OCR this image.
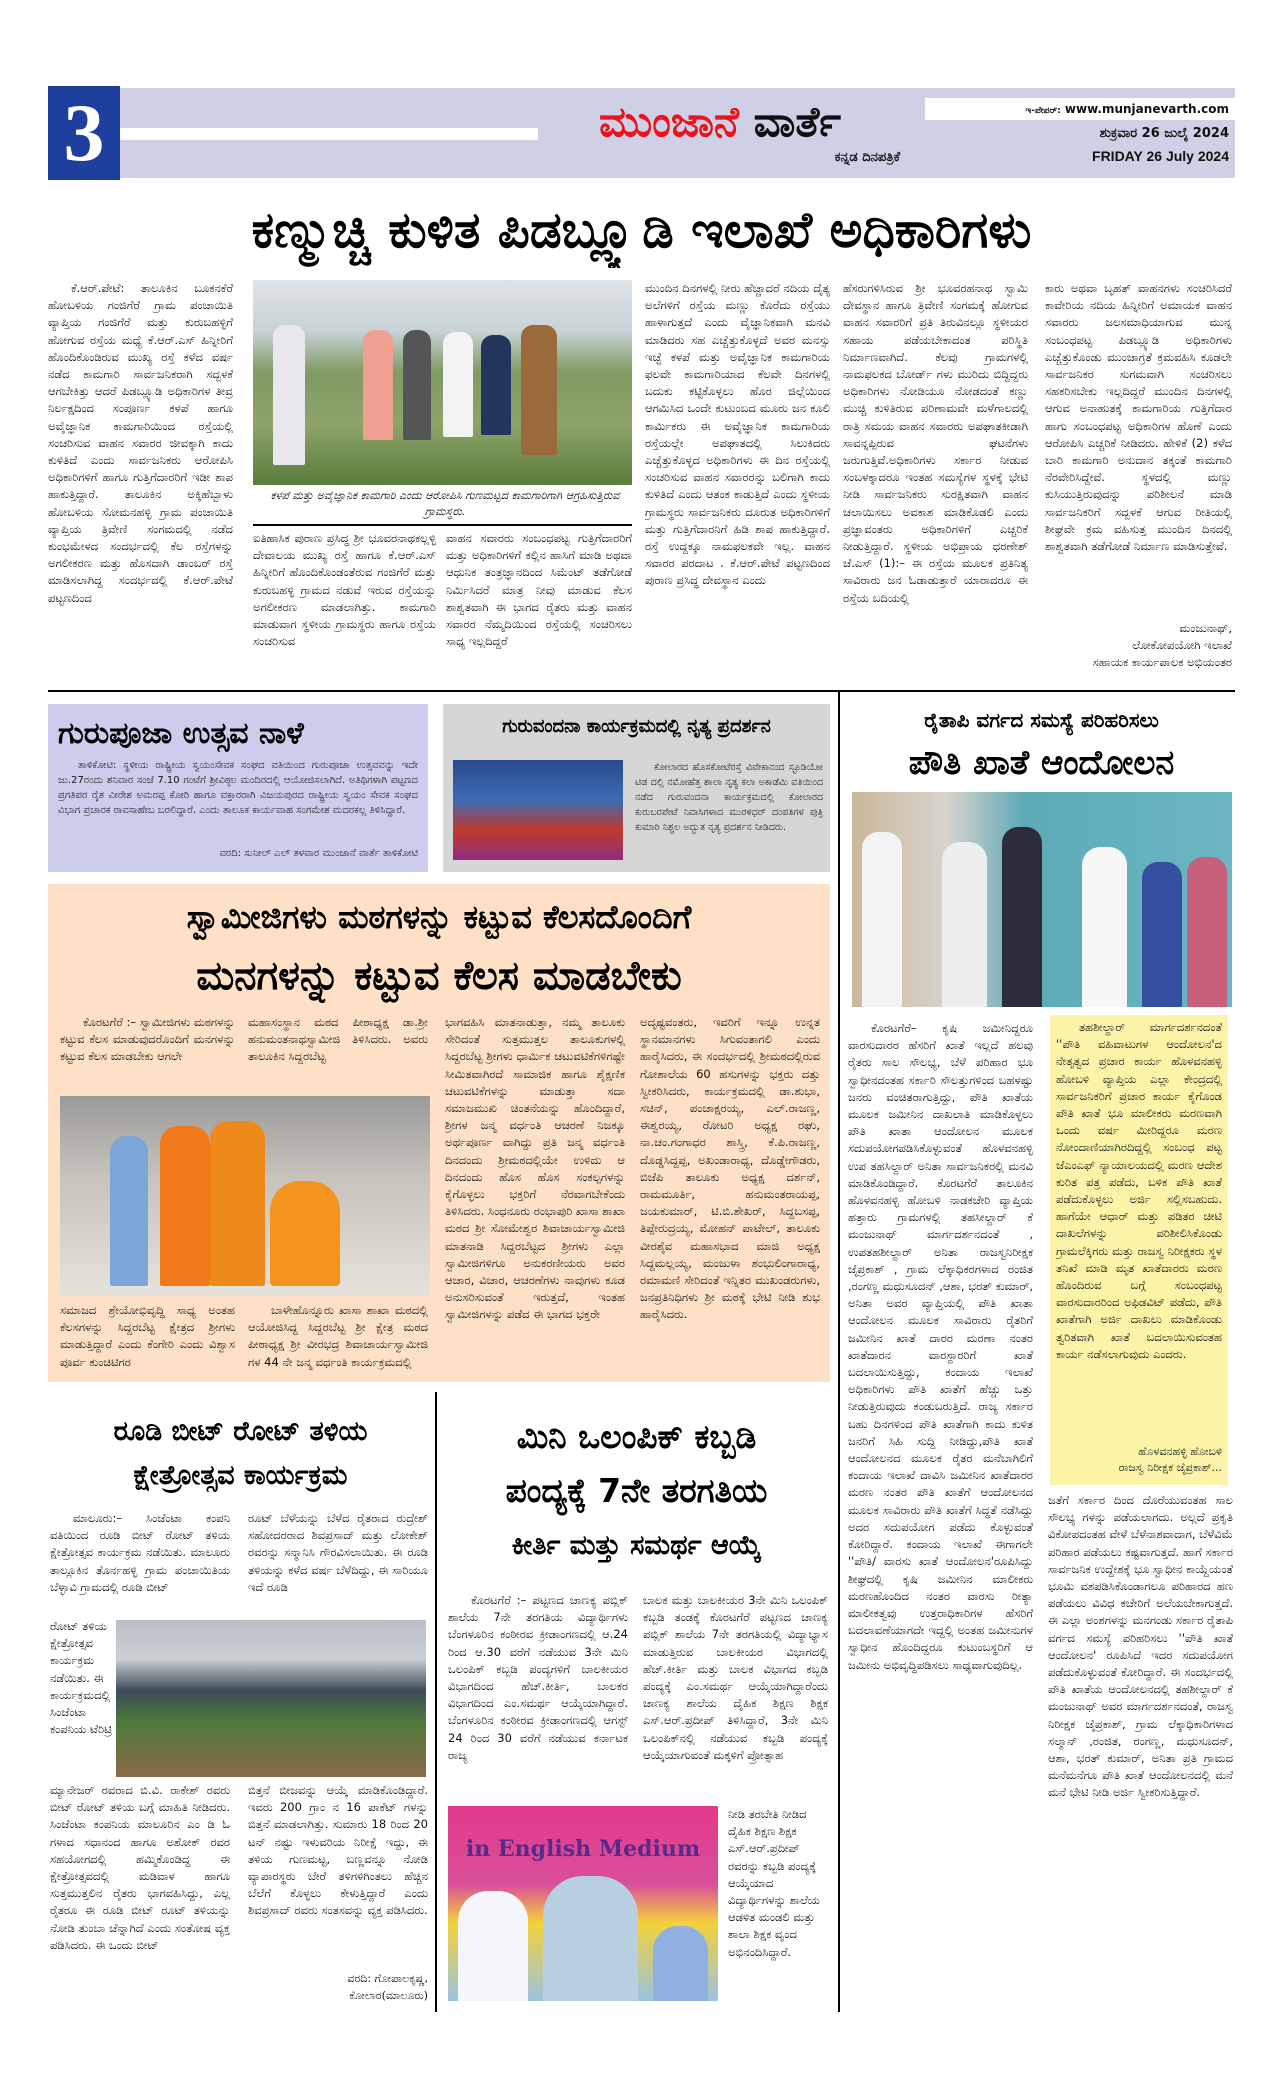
3	ಮುಂಜಾನೆ ವಾರ್ತೆ
ಕನ್ನಡ ದಿನಪತ್ರಿಕೆ
ಇ-ಪೇಪರ್: www.munjanevarth.com
ಶುಕ್ರವಾರ 26 ಜುಲೈ 2024
FRIDAY 26 July 2024
ಕಣ್ಮುಚ್ಚಿ ಕುಳಿತ ಪಿಡಬ್ಲ್ಯೂಡಿ ಇಲಾಖೆ ಅಧಿಕಾರಿಗಳು

ಕೆ.ಆರ್.ಪೇಟೆ: ತಾಲೂಕಿನ ಬೂಕನಕೆರೆ ಹೋಬಳಿಯ ಗಂಜಿಗೆರೆ ಗ್ರಾಮ ಪಂಚಾಯಿತಿ ವ್ಯಾಪ್ತಿಯ ಗಂಜಿಗೆರೆ ಮತ್ತು ಕುರುಬಹಳ್ಳಿಗೆ ಹೋಗುವ ರಸ್ತೆಯ ಮಧ್ಯೆ ಕೆ.ಆರ್.ಎಸ್ ಹಿನ್ನೀರಿಗೆ ಹೊಂದಿಕೊಂಡಿರುವ ಮುಖ್ಯ ರಸ್ತೆ ಕಳೆದ ವರ್ಷ ನಡೆದ ಕಾಮಗಾರಿ ಸಾರ್ವಜನಿಕರಾಗಿ ಸದ್ಬಳಕೆ ಆಗಬೇಕಿತ್ತು ಆದರೆ ಪಿಡಬ್ಲ್ಯೂಡಿ ಅಧಿಕಾರಿಗಳ ತೀವ್ರ ನಿರ್ಲಕ್ಷದಿಂದ ಸಂಪೂರ್ಣ ಕಳಪೆ ಹಾಗೂ ಅವೈಜ್ಞಾನಿಕ ಕಾಮಗಾರಿಯಿಂದ ರಸ್ತೆಯಲ್ಲಿ ಸಂಚರಿಸುವ ವಾಹನ ಸವಾರರ ಜೀವಕ್ಕಾಗಿ ಕಾದು ಕುಳಿತಿದೆ ಎಂದು ಸಾರ್ವಜನಿಕರು ಆರೋಪಿಸಿ ಅಧಿಕಾರಿಗಳಿಗೆ ಹಾಗೂ ಗುತ್ತಿಗೆದಾರರಿಗೆ ಇಡೀ ಶಾಪ ಹಾಕುತ್ತಿದ್ದಾರೆ. ತಾಲೂಕಿನ ಅಕ್ಕಿಹೆಬ್ಬಾಳು ಹೋಬಳಿಯ ಸೋಮನಹಳ್ಳಿ ಗ್ರಾಮ ಪಂಚಾಯಿತಿ ವ್ಯಾಪ್ತಿಯ ತ್ರಿವೇಣಿ ಸಂಗಮದಲ್ಲಿ ನಡೆದ ಕುಂಭಮೇಳದ ಸಂದರ್ಭದಲ್ಲಿ ಕೆಲ ರಸ್ತೆಗಳನ್ನು ಅಗಲೀಕರಣ ಮತ್ತು ಹೊಸದಾಗಿ ಡಾಂಬರ್ ರಸ್ತೆ ಮಾಡಿಸಲಾಗಿದ್ದ ಸಂದರ್ಭದಲ್ಲಿ ಕೆ.ಆರ್.ಪೇಟೆ ಪಟ್ಟಣದಿಂದ

ಕಳಪೆ ಮತ್ತು ಅವೈಜ್ಞಾನಿಕ ಕಾಮಗಾರಿ ಎಂದು ಆರೋಪಿಸಿ ಗುಣಮಟ್ಟದ ಕಾಮಗಾರಿಗಾಗಿ ಆಗ್ರಹಿಸುತ್ತಿರುವ ಗ್ರಾಮಸ್ಥರು.

ಐತಿಹಾಸಿಕ ಪುರಾಣ ಪ್ರಸಿದ್ಧ ಶ್ರೀ ಭೂವರನಾಥಕಲ್ಲಳ್ಳಿ ದೇವಾಲಯ ಮುಖ್ಯ ರಸ್ತೆ ಹಾಗೂ ಕೆ.ಆರ್.ಎಸ್ ಹಿನ್ನೀರಿಗೆ ಹೊಂದಿಕೊಂಡಂತೆರುವ ಗಂಜಿಗೆರೆ ಮತ್ತು ಕುರುಬಹಳ್ಳಿ ಗ್ರಾಮದ ನಡುವೆ ಇರುವ ರಸ್ತೆಯನ್ನು ಅಗಲೀಕರಣ ಮಾಡಲಾಗಿತ್ತು. ಕಾಮಗಾರಿ ಮಾಡುವಾಗ ಸ್ಥಳೀಯ ಗ್ರಾಮಸ್ಥರು ಹಾಗೂ ರಸ್ತೆಯ ಸಂಚರಿಸುವ

ವಾಹನ ಸವಾರರು ಸಂಬಂಧಪಟ್ಟ ಗುತ್ತಿಗೆದಾರರಿಗೆ ಮತ್ತು ಅಧಿಕಾರಿಗಳಿಗೆ ಕಲ್ಲಿನ ಹಾಸಿಗೆ ಮಾಡಿ ಅಥವಾ ಆಧುನಿಕ ತಂತ್ರಜ್ಞಾನದಿಂದ ಸಿಮೆಂಟ್ ತಡೆಗೋಡೆ ನಿರ್ಮಿಸಿದರೆ ಮಾತ್ರ ನೀವು ಮಾಡುವ ಕೆಲಸ ಶಾಶ್ವತವಾಗಿ ಈ ಭಾಗದ ರೈತರು ಮತ್ತು ವಾಹನ ಸವಾರರ ನೆಮ್ಮದಿಯಿಂದ ರಸ್ತೆಯಲ್ಲಿ ಸಂಚರಿಸಲು ಸಾಧ್ಯ ಇಲ್ಲದಿದ್ದರೆ

ಮುಂದಿನ ದಿನಗಳಲ್ಲಿ ನೀರು ಹೆಚ್ಚಾದರೆ ನದಿಯ ದೈತ್ಯ ಅಲೆಗಳಿಗೆ ರಸ್ತೆಯ ಮಣ್ಣು ಕೊರೆದು ರಸ್ತೆಯು ಹಾಳಾಗುತ್ತದೆ ಎಂದು ವೈಜ್ಞಾನಿಕವಾಗಿ ಮನವಿ ಮಾಡಿದರು ಸಹ ಎಚ್ಚೆತ್ತುಕೊಳ್ಳದೆ ಅವರ ಮನಸ್ಸು ಇಚ್ಛೆ ಕಳಪೆ ಮತ್ತು ಅವೈಜ್ಞಾನಿಕ ಕಾಮಗಾರಿಯ ಫಲವೇ ಕಾಮಗಾರಿಯಾದ ಕೆಲವೇ ದಿನಗಳಲ್ಲಿ ಬದುಕು ಕಟ್ಟಿಕೊಳ್ಳಲು ಹೊರ ಜಿಲ್ಲೆಯಿಂದ ಆಗಮಿಸಿದ ಒಂದೇ ಕುಟುಂಬದ ಮೂರು ಜನ ಕೂಲಿ ಕಾರ್ಮಿಕರು ಈ ಅವೈಜ್ಞಾನಿಕ ಕಾಮಗಾರಿಯ ರಸ್ತೆಯಲ್ಲೇ ಅಪಘಾತದಲ್ಲಿ ಸಿಲುಕಿದರು ಎಚ್ಚೆತ್ತುಕೊಳ್ಳದ ಅಧಿಕಾರಿಗಳು ಈ ದಿನ ರಸ್ತೆಯಲ್ಲಿ ಸಂಚರಿಸುವ ವಾಹನ ಸವಾರರನ್ನು ಬಲಿಗಾಗಿ ಕಾದು ಕುಳಿತಿದೆ ಎಂದು ಆತಂಕ ಕಾಡುತ್ತಿದೆ ಎಂದು ಸ್ಥಳೀಯ ಗ್ರಾಮಸ್ಥರು ಸಾರ್ವಜನಿಕರು ದೂರುತ ಅಧಿಕಾರಿಗಳಿಗೆ ಮತ್ತು ಗುತ್ತಿಗೆದಾರನಿಗೆ ಹಿಡಿ ಶಾಪ ಹಾಕುತ್ತಿದ್ದಾರೆ. ರಸ್ತೆ ಉದ್ದಕ್ಕೂ ನಾಮಫಲಕವೇ ಇಲ್ಲ. ವಾಹನ ಸವಾರರ ಪರದಾಟ . ಕೆ.ಆರ್.ಪೇಟೆ ಪಟ್ಟಣದಿಂದ ಪುರಾಣ ಪ್ರಸಿದ್ಧ ದೇವಸ್ಥಾನ ಎಂದು

ಹೆಸರುಗಳಿಸಿರುವ ಶ್ರೀ ಭೂವರಹನಾಥ ಸ್ವಾಮಿ ದೇವಸ್ಥಾನ ಹಾಗೂ ತ್ರಿವೇಣಿ ಸಂಗಮಕ್ಕೆ ಹೋಗುವ ವಾಹನ ಸವಾರರಿಗೆ ಪ್ರತಿ ತಿರುವಿನಲ್ಲೂ ಸ್ಥಳೀಯರ ಸಹಾಯ ಪಡೆಯಬೇಕಾದಂತ ಪರಿಸ್ಥಿತಿ ನಿರ್ಮಾಣವಾಗಿದೆ. ಕೆಲವು ಗ್ರಾಮಗಳಲ್ಲಿ ನಾಮಫಲಕದ ಬೋರ್ಡ್ ಗಳು ಮುರಿದು ಬಿದ್ದಿದ್ದರು ಅಧಿಕಾರಿಗಳು ನೋಡಿಯೂ ನೋಡದಂತೆ ಕಣ್ಣು ಮುಚ್ಚಿ ಕುಳಿತಿರುವ ಪರಿಣಾಮವೇ ಮಳೆಗಾಲದಲ್ಲಿ ರಾತ್ರಿ ಸಮಯ ವಾಹನ ಸವಾರರು ಅಪಘಾತಕೀಡಾಗಿ ಸಾವನ್ನಪ್ಪಿರುವ ಘಟನೆಗಳು ಜರುಗುತ್ತಿವೆ.ಅಧಿಕಾರಿಗಳು ಸರ್ಕಾರ ನೀಡುವ ಸಂಬಳಕ್ಕಾದರೂ ಇಂತಹ ಸಮಸ್ಯೆಗಳ ಸ್ಥಳಕ್ಕೆ ಭೇಟಿ ನೀಡಿ ಸಾರ್ವಜನಿಕರು ಸುರಕ್ಷಿತವಾಗಿ ವಾಹನ ಚಲಾಯಿಸಲು ಅವಕಾಶ ಮಾಡಿಕೊಡಲಿ ಎಂದು ಪ್ರಜ್ಞಾವಂತರು ಅಧಿಕಾರಿಗಳಿಗೆ ಎಚ್ಚರಿಕೆ ನೀಡುತ್ತಿದ್ದಾರೆ. ಸ್ಥಳೀಯ ಅಭಿಪ್ರಾಯ ಧರಣೇಶ್ ಜೆ.ಎಸ್ (1):– ಈ ರಸ್ತೆಯ ಮೂಲಕ ಪ್ರತಿನಿತ್ಯ ಸಾವಿರಾರು ಜನ ಓಡಾಡುತ್ತಾರೆ ಯಾರಾದರೂ ಈ ರಸ್ತೆಯ ಬದಿಯಲ್ಲಿ

ಕಾರು ಅಥವಾ ಬೃಹತ್ ವಾಹನಗಳು ಸಂಚರಿಸಿದರೆ ಕಾವೇರಿಯ ನದಿಯ ಹಿನ್ನೀರಿಗೆ ಅಮಾಯಕ ವಾಹನ ಸವಾರರು ಜಲಸಮಾಧಿಯಾಗುವ ಮುನ್ನ ಸಂಬಂಧಪಟ್ಟ ಪಿಡಬ್ಲ್ಯೂಡಿ ಅಧಿಕಾರಿಗಳು ಎಚ್ಚೆತ್ತುಕೊಂಡು ಮುಂಜಾಗ್ರತೆ ಕ್ರಮವಹಿಸಿ ಕೂಡಲೇ ಸಾರ್ವಜನಿಕರ ಸುಗಮವಾಗಿ ಸಂಚರಿಸಲು ಸಹಕರಿಸಬೇಕು ಇಲ್ಲದಿದ್ದರೆ ಮುಂದಿನ ದಿನಗಳಲ್ಲಿ ಆಗುವ ಅನಾಹುತಕ್ಕೆ ಕಾಮಗಾರಿಯ ಗುತ್ತಿಗೆದಾರ ಹಾಗು ಸಂಬಂಧಪಟ್ಟ ಅಧಿಕಾರಿಗಳ ಹೊಣೆ ಎಂದು ಆರೋಪಿಸಿ ಎಚ್ಚರಿಕೆ ನೀಡಿದರು. ಹೇಳಿಕೆ (2) ಕಳೆದ ಬಾರಿ ಕಾಮಗಾರಿ ಅನುದಾನ ತಕ್ಕಂತೆ ಕಾಮಗಾರಿ ನೆರವೇರಿಸಿದ್ದೇವೆ. ಸ್ಥಳದಲ್ಲಿ ಮಣ್ಣು ಕುಸಿಯುತ್ತಿರುವುದನ್ನು ಪರಿಶೀಲನೆ ಮಾಡಿ ಸಾರ್ವಜನಿಕರಿಗೆ ಸದ್ಬಳಕೆ ಆಗುವ ರೀತಿಯಲ್ಲಿ ಶೀಘ್ರವೇ ಕ್ರಮ ವಹಿಸುತ್ತ ಮುಂದಿನ ದಿನದಲ್ಲಿ ಶಾಶ್ವತವಾಗಿ ತಡೆಗೋಡೆ ನಿರ್ಮಾಣ ಮಾಡಿಸುತ್ತೇವೆ.

ಮಂಜುನಾಥ್,
ಲೋಕೋಪಯೋಗಿ ಇಲಾಖೆ
ಸಹಾಯಕ ಕಾರ್ಯಪಾಲಕ ಅಭಿಯಂತರ
ಗುರುಪೂಜಾ ಉತ್ಸವ ನಾಳೆ

ತಾಳಿಕೋಟಿ: ಸ್ಥಳೀಯ ರಾಷ್ಟ್ರೀಯ ಸ್ವಯಂಸೇವಕ ಸಂಘದ ವತಿಯಿಂದ ಗುರುಪೂಜಾ ಉತ್ಸವವನ್ನು ಇದೇ ಜು.27ರಂದು ಶನಿವಾರ ಸಂಜೆ 7.10 ಗಂಟೆಗೆ ಶ್ರೀವಿಠ್ಠಲ ಮಂದಿರದಲ್ಲಿ ಆಯೋಜಿಸಲಾಗಿದೆ. ಅತಿಥಿಗಳಾಗಿ ಪಟ್ಟಣದ ಪ್ರಗತಿಪರ ರೈತ ವೀರೇಶ ಅಮರಪ್ಪ ಕೋರಿ ಹಾಗೂ ವಕ್ತಾರರಾಗಿ ವಿಜಯಪುರದ ರಾಷ್ಟ್ರೀಯ ಸ್ವಯಂ ಸೇವಕ ಸಂಘದ ವಿಭಾಗ ಪ್ರಚಾರಕ ರಾವಸಾಹೇಬ ಬರಲಿದ್ದಾರೆ. ಎಂದು ತಾಲೂಕ ಕಾರ್ಯವಾಹ ಸಂಗಮೇಶ ಮದರಕಲ್ಲ ತಿಳಿಸಿದ್ದಾರೆ.

ವರದಿ: ಸುನೀಲ್ ಎಲ್ ತಳವಾರ ಮುಂಜಾನೆ ವಾರ್ತೆ ತಾಳಿಕೋಟಿ
ಗುರುವಂದನಾ ಕಾರ್ಯಕ್ರಮದಲ್ಲಿ ನೃತ್ಯ ಪ್ರದರ್ಶನ

ಕೋಲಾರದ ಹೊಸಕೋಟೆರಸ್ತೆ ವಿವೇಕಾನಂದ ಸ್ಟೂಡಿಯೋ ಟಿಡ ದಲ್ಲಿ ನಮೋಹೆತ್ತ ಶಾಲಾ ನೃತ್ಯ ಕಲಾ ಅಕಾಡೆಮಿ ವತಿಯಿಂದ ನಡೆದ ಗುರುವಂದನಾ ಕಾರ್ಯಕ್ರಮದಲ್ಲಿ ಕೋಲಾರದ ಕುರುಬರಪೇಟೆ ನಿವಾಸಿಗಳಾದ ಮುರಳಿಧರ್ ದಂಪತಿಗಳ ಪುತ್ರಿ ಕುಮಾರಿ ನಿಶ್ಚಲ ಅದ್ಭುತ ನೃತ್ಯ ಪ್ರದರ್ಶನ ನೀಡಿದರು.

ಸ್ವಾಮೀಜಿಗಳು ಮಠಗಳನ್ನು ಕಟ್ಟುವ ಕೆಲಸದೊಂದಿಗೆ
ಮನಗಳನ್ನು ಕಟ್ಟುವ ಕೆಲಸ ಮಾಡಬೇಕು

ಕೊರಟಗೆರೆ :– ಸ್ವಾಮೀಜಿಗಳು ಮಠಗಳನ್ನು ಕಟ್ಟುವ ಕೆಲಸ ಮಾಡುವುದರೊಂದಿಗೆ ಮನಗಳನ್ನು ಕಟ್ಟುವ ಕೆಲಸ ಮಾಡಬೇಕು ಆಗಲೇ

ಮಹಾಸಂಸ್ಥಾನ ಮಠದ ಪೀಠಾಧ್ಯಕ್ಷ ಡಾ.ಶ್ರೀ ಹನುಮಂತನಾಥಸ್ವಾಮೀಜಿ ತಿಳಿಸಿದರು. ಅವರು ತಾಲೂಕಿನ ಸಿದ್ದರಬೆಟ್ಟ

ಸಮಾಜದ ಶ್ರೇಯೋಭಿವೃದ್ಧಿ ಸಾಧ್ಯ ಅಂತಹ ಕೆಲಸಗಳನ್ನು ಸಿದ್ದರಬೆಟ್ಟ ಕ್ಷೇತ್ರದ ಶ್ರೀಗಳು ಮಾಡುತ್ತಿದ್ದಾರೆ ಎಂದು ಕೆಂಗೇರಿ ಎಂದು ವಿಶ್ವಾಸ ಪೂರ್ವ ಕುಂಚಿಟಿಗರ

ಬಾಳೇಹೊನ್ನೂರು ಖಾಸಾ ಶಾಖಾ ಮಠದಲ್ಲಿ ಆಯೋಜಿಸಿದ್ದ ಸಿದ್ದರಬೆಟ್ಟ ಶ್ರೀ ಕ್ಷೇತ್ರ ಮಠದ ಪೀಠಾಧ್ಯಕ್ಷ ಶ್ರೀ ವೀರಭದ್ರ ಶಿವಾಚಾರ್ಯಸ್ವಾಮೀಜಿ ಗಳ 44 ನೇ ಜನ್ಮ ವರ್ಧಂತಿ ಕಾರ್ಯಕ್ರಮದಲ್ಲಿ

ಭಾಗವಹಿಸಿ ಮಾತನಾಡುತ್ತಾ, ನಮ್ಮ ತಾಲೂಕು ಸೇರಿದಂತೆ ಸುತ್ತಮುತ್ತಲ ತಾಲೂಕುಗಳಲ್ಲಿ ಸಿದ್ದರಬೆಟ್ಟ ಶ್ರೀಗಳು ಧಾರ್ಮಿಕ ಚಟುವಟಿಕೆಗಳಿಗಷ್ಟೇ ಸೀಮಿತವಾಗಿರದೆ ಸಾಮಾಜಿಕ ಹಾಗೂ ಶೈಕ್ಷಣಿಕ ಚಟುವಟಿಕೆಗಳನ್ನು ಮಾಡುತ್ತಾ ಸದಾ ಸಮಾಜಮುಖಿ ಚಿಂತನೆಯನ್ನು ಹೊಂದಿದ್ದಾರೆ, ಶ್ರೀಗಳ ಜನ್ಮ ವರ್ಧಂತಿ ಆಚರಣೆ ನಿಜಕ್ಕೂ ಅರ್ಥಪೂರ್ಣ ವಾಗಿದ್ದು ಪ್ರತಿ ಜನ್ಮ ವರ್ಧಂತಿ ದಿನದಂದು ಶ್ರೀಮಠದಲ್ಲಿಯೇ ಉಳಿದು ಆ ದಿನದಂದು ಹೊಸ ಹೊಸ ಸಂಕಲ್ಪಗಳನ್ನು ಕೈಗೊಳ್ಳಲು ಭಕ್ತರಿಗೆ ನೆರವಾಗಬೇಕೆಂದು ತಿಳಿಸಿದರು. ಸಿಂಧನೂರು ರಂಭಾಪುರಿ ಖಾಸಾ ಶಾಖಾ ಮಠದ ಶ್ರೀ ಸೋಮೇಶ್ವರ ಶಿವಾಚಾರ್ಯಸ್ವಾಮೀಜಿ ಮಾತನಾಡಿ ಸಿದ್ದರಬೆಟ್ಟದ ಶ್ರೀಗಳು ಎಲ್ಲಾ ಸ್ವಾಮೀಜಿಗಳಿಗೂ ಅನುಕರಣೀಯರು ಅವರ ಆಚಾರ, ವಿಚಾರ, ಆಚರಣೆಗಳು ನಾವುಗಳು ಕೂಡ ಅನುಸರಿಸುವಂತೆ ಇರುತ್ತದೆ, ಇಂತಹ ಸ್ವಾಮೀಜಿಗಳನ್ನು ಪಡೆದ ಈ ಭಾಗದ ಭಕ್ತರೇ

ಅದೃಷ್ಟವಂತರು, ಇವರಿಗೆ ಇನ್ನೂ ಉನ್ನತ ಸ್ಥಾನಮಾನಗಳು ಸಿಗುವಂತಾಗಲಿ ಎಂದು ಹಾರೈಸಿದರು, ಈ ಸಂದರ್ಭದಲ್ಲಿ ಶ್ರೀಮಠದಲ್ಲಿರುವ ಗೋಶಾಲೆಯ 60 ಹಸುಗಳನ್ನು ಭಕ್ತರು ದತ್ತು ಸ್ವೀಕರಿಸಿದರು, ಕಾರ್ಯಕ್ರಮದಲ್ಲಿ ಡಾ.ಶುಭಾ, ಸಚಿನ್, ಪಂಚಾಕ್ಷರಯ್ಯ, ಎಲ್.ರಾಜಣ್ಣ, ಈಶ್ವರಯ್ಯ, ರೋಟರಿ ಅಧ್ಯಕ್ಷ ರಘು, ನಾ.ಚಂ.ಗಂಗಾಧರ ಶಾಸ್ತ್ರಿ, ಕೆ.ಪಿ.ರಾಜಣ್ಣ, ದೊಡ್ಡಸಿದ್ದಪ್ಪ, ಅಖಂಡಾರಾಧ್ಯ, ದೊಡ್ಡೇಗೌಡರು, ಬಿಜೆಪಿ ತಾಲೂಕು ಅಧ್ಯಕ್ಷ ದರ್ಶನ್, ರಾಮಮೂರ್ತಿ, ಹನುಮಂತರಾಯಪ್ಪ, ಜಯಕುಮಾರ್, ಟಿ.ಬಿ.ಶೇಖರ್, ಸಿದ್ದಬಸಪ್ಪ, ತಿಪ್ಪೇರುದ್ರಯ್ಯ, ಮೋಹನ್ ಪಾಟೇಲ್, ತಾಲೂಕು ವೀರಶೈವ ಮಹಾಸಭಾದ ಮಾಜಿ ಅಧ್ಯಕ್ಷ ಸಿದ್ದಮಲ್ಲಯ್ಯ, ಮಂಜುಳಾ ಶಂಭುಲಿಂಗಾರಾಧ್ಯ, ರಮಾಮಣಿ ಸೇರಿದಂತೆ ಇನ್ನಿತರ ಮುಖಂಡರುಗಳು, ಜನಪ್ರತಿನಿಧಿಗಳು ಶ್ರೀ ಮಠಕ್ಕೆ ಭೇಟಿ ನೀಡಿ ಶುಭ ಹಾರೈಸಿದರು.

ರೈತಾಪಿ ವರ್ಗದ ಸಮಸ್ಯೆ ಪರಿಹರಿಸಲು
ಪೌತಿ ಖಾತೆ ಆಂದೋಲನ

ಕೊರಟಗೆರೆ– ಕೃಷಿ ಜಮೀನಿದ್ದರೂ ವಾರಸುದಾರರ ಹೆಸರಿಗೆ ಖಾತೆ ಇಲ್ಲದೆ ಹಲವು ರೈತರು ಸಾಲ ಸೌಲಭ್ಯ, ಬೆಳೆ ಪರಿಹಾರ ಭೂ ಸ್ವಾಧೀನದಂತಹ ಸರ್ಕಾರಿ ಸೌಲತ್ತುಗಳಿಂದ ಬಹಳಷ್ಟು ಜನರು ವಂಚಿತರಾಗುತ್ತಿದ್ದು, ಪೌತಿ ಖಾತೆಯ ಮೂಲಕ ಜಮೀನಿನ ದಾಖಲಾತಿ ಮಾಡಿಕೊಳ್ಳಲು ಪೌತಿ ಖಾತಾ ಆಂದೋಲನ ಮೂಲಕ ಸದುಪಯೋಗಪಡಿಸಿಕೊಳ್ಳುವಂತೆ ಹೊಳವನಹಳ್ಳಿ ಉಪ ತಹಸಿಲ್ದಾರ್ ಅನಿತಾ ಸಾರ್ವಜನಿಕರಲ್ಲಿ ಮನವಿ ಮಾಡಿಕೊಂಡಿದ್ದಾರೆ. ಕೊರಟಗೆರೆ ತಾಲೂಕಿನ ಹೊಳವನಹಳ್ಳಿ ಹೋಬಳಿ ನಾಡಕಚೇರಿ ವ್ಯಾಪ್ತಿಯ ಹತ್ತಾರು ಗ್ರಾಮಗಳಲ್ಲಿ ತಹಸೀಲ್ದಾರ್ ಕೆ ಮಂಜುನಾಥ್ ಮಾರ್ಗದರ್ಶನದಂತೆ , ಉಪತಹಶೀಲ್ದಾರ್ ಅನಿತಾ ರಾಜಸ್ವನಿರೀಕ್ಷಕ ಜೈಪ್ರಕಾಶ್ , ಗ್ರಾಮ ಲೆಕ್ಕಾಧಿಕರಗಳಾದ ರಂಜಿತ ,ರಂಗಣ್ಣ ಮಧುಸೂದನ್ ,ಆಶಾ, ಭರತ್ ಕುಮಾರ್, ಅನಿತಾ ಅವರ ವ್ಯಾಪ್ತಿಯಲ್ಲಿ ಪೌತಿ ಖಾತಾ ಆಂದೋಲನ ಮೂಲಕ ಸಾವಿರಾರು ರೈತರಿಗೆ ಜಮೀನಿನ ಖಾತೆ ದಾರರ ಮರಣಾ ನಂತರ ಖಾತೆದಾರನ ವಾರಸ್ದಾರರಿಗೆ ಖಾತೆ ಬದಲಾಯಿಸುತ್ತಿದ್ದು, ಕಂದಾಯ ಇಲಾಖೆ ಅಧಿಕಾರಿಗಳು ಪೌತಿ ಖಾತೆಗೆ ಹೆಚ್ಚು ಒತ್ತು ನೀಡುತ್ತಿರುವುದು ಕಂಡುಬರುತ್ತಿದೆ. ರಾಜ್ಯ ಸರ್ಕಾರ ಬಹು ದಿನಗಳಿಂದ ಪೌತಿ ಖಾತೆಗಾಗಿ ಕಾದು ಕುಳಿತ ಜನರಿಗೆ ಸಿಹಿ ಸುದ್ದಿ ನೀಡಿದ್ದು,ಪೌತಿ ಖಾತೆ ಆಂದೋಲನದ ಮೂಲಕ ರೈತರ ಮನೆಬಾಗಿಲಿಗೆ ಕಂದಾಯ ಇಲಾಖೆ ದಾವಿಸಿ ಜಮೀನಿನ ಖಾತೆದಾರರ ಮರಣ ನಂತರ ಪೌತಿ ಖಾತೆಗೆ ಆಂದೋಲನದ ಮೂಲಕ ಸಾವಿರಾರು ಪೌತಿ ಖಾತೆಗೆ ಸಿದ್ಧತೆ ನಡೆಸಿದ್ದು ಅದರ ಸದುಪಯೋಗ ಪಡೆದು ಕೊಳ್ಳುವಂತೆ ಕೋರಿದ್ದಾರೆ. ಕಂದಾಯ ಇಲಾಖೆ ಈಗಾಗಲೇ ''ಪೌತಿ/ ವಾರಸು ಖಾತೆ ಆಂದೋಲನ'ರೂಪಿಸಿದ್ದು ಶೀಘ್ರದಲ್ಲಿ ಕೃಷಿ ಜಮೀನಿನ ಮಾಲೀಕರು ಮರಣಹೊಂದಿದ ನಂತರ ವಾರಸು ರೀತ್ಯಾ ಮಾಲೀಕತ್ವವು ಉತ್ತರಾಧಿಕಾರಿಗಳ ಹೆಸರಿಗೆ ಬದಲಾವಣೆಯಾಗದೇ ಇದ್ದಲ್ಲಿ ಅಂತಹ ಜಮೀನುಗಳ ಸ್ವಾಧೀನ ಹೊಂದಿದ್ದರೂ ಕುಟುಂಬಸ್ಥರಿಗೆ ಆ ಜಮೀನು ಅಭಿವೃದ್ಧಿಪಡಿಸಲು ಸಾಧ್ಯವಾಗುವುದಿಲ್ಲ.

ತಹಶೀಲ್ದಾರ್ ಮಾರ್ಗದರ್ಶನದಂತೆ ''ಪೌತಿ ವಹಿವಾಟುಗಳ ಆಂದೋಲನ'ದ ನೇತೃತ್ವದ ಪ್ರಚಾರ ಕಾರ್ಯ ಹೊಳವನಹಳ್ಳಿ ಹೋಬಳಿ ವ್ಯಾಪ್ತಿಯ ಎಲ್ಲಾ ಕೇಂದ್ರದಲ್ಲಿ ಸಾರ್ವಜನಿಕರಿಗೆ ಪ್ರಚಾರ ಕಾರ್ಯ ಕೈಗೊಂಡ ಪೌತಿ ಖಾತೆ ಭೂ ಮಾಲೀಕರು ಮರಣವಾಗಿ ಒಂದು ವರ್ಷ ಮೀರಿದ್ದರೂ ಮರಣ ನೋಂದಾಣಿಯಾಗಿರದಿದ್ದಲ್ಲಿ ಸಂಬಂಧ ಪಟ್ಟ ಜೆಎಂಎಫ್ ನ್ಯಾಯಾಲಯದಲ್ಲಿ ಮರಣ ಆದೇಶ ಕುರಿತ ಪತ್ರ ಪಡೆದು, ಬಳಿಕ ಪೌತಿ ಖಾತೆ ಪಡೆದುಕೊಳ್ಳಲು ಅರ್ಜಿ ಸಲ್ಲಿಸಬಹುದು. ಹಾಗೆಯೇ ಆಧಾರ್ ಮತ್ತು ಪಡಿತರ ಚೀಟಿ ದಾಖಲೆಗಳನ್ನು ಪರಿಶೀಲಿಸಿಕೊಂಡು ಗ್ರಾಮಲೆಕ್ಕಿಗರು ಮತ್ತು ರಾಜಸ್ವ ನಿರೀಕ್ಷಕರು ಸ್ಥಳ ತನಿಖೆ ಮಾಡಿ ಮೃತ ಖಾತೆದಾರರು ಮರಣ ಹೊಂದಿರುವ ಬಗ್ಗೆ ಸಂಬಂಧಪಟ್ಟ ವಾರಸುದಾರರಿಂದ ಅಫಿಡವಿಟ್ ಪಡೆದು, ಪೌತಿ ಖಾತೆಗಾಗಿ ಅರ್ಜಿ ದಾಖಲು ಮಾಡಿಕೊಂಡು ತ್ವರಿತವಾಗಿ ಖಾತೆ ಬದಲಾಯಿಸುವಂತಹ ಕಾರ್ಯ ನಡೆಸಲಾಗುವುದು ಎಂದರು.

ಹೊಳವನಹಳ್ಳಿ ಹೋಬಳಿ
ರಾಜಸ್ವ ನಿರೀಕ್ಷಕ ಜೈಪ್ರಕಾಶ್...

ಜತೆಗೆ ಸರ್ಕಾರ ದಿಂದ ದೊರೆಯುವಂತಹ ಸಾಲ ಸೌಲಭ್ಯ ಗಳನ್ನು ಪಡೆಯಲಾಗದು. ಅಲ್ಲದೆ ಪ್ರಕೃತಿ ವಿಕೋಪದಂತಹ ವೇಳೆ ಬೆಳೆನಾಶವಾದಾಗ, ಬೆಳೆವಿಮೆ ಪರಿಹಾರ ಪಡೆಯಲು ಕಷ್ಟವಾಗುತ್ತದೆ. ಹಾಗೆ ಸರ್ಕಾರ ಸಾರ್ವಜನಿಕ ಉದ್ದೇಶಕ್ಕೆ ಭೂ ಸ್ವಾಧೀನ ಕಾಯ್ದೆಯಂತೆ ಭೂಮಿ ವಶಪಡಿಸಿಕೊಂಡಾಗಲೂ ಪರಿಹಾರದ ಹಣ ಪಡೆಯಲು ವಿವಿಧ ಕಚೇರಿಗೆ ಅಲೆಯಬೇಕಾಗುತ್ತದೆ. ಈ ಎಲ್ಲಾ ಅಂಶಗಳನ್ನು ಮನಗಂಡು ಸರ್ಕಾರ ರೈತಾಪಿ ವರ್ಗದ ಸಮಸ್ಯೆ ಪರಿಹರಿಸಲು ''ಪೌತಿ ಖಾತೆ ಆಂದೋಲನ' ರೂಪಿಸಿದೆ ಇದರ ಸದುಪಯೋಗ ಪಡೆದುಕೊಳ್ಳುವಂತೆ ಕೋರಿದ್ದಾರೆ. ಈ ಸಂದರ್ಭದಲ್ಲಿ ಪೌತಿ ಖಾತೆಯ ಆಂದೋಲನದಲ್ಲಿ ತಹಶೀಲ್ದಾರ್ ಕೆ ಮಂಜುನಾಥ್ ಅವರ ಮಾರ್ಗದರ್ಶನದಂತೆ, ರಾಜಸ್ವ ನಿರೀಕ್ಷಕ ಜೈಪ್ರಕಾಶ್, ಗ್ರಾಮ ಲೆಕ್ಕಾಧಿಕಾರಿಗಳಾದ ಸಲ್ಮಾನ್ ,ರಂಜಿತ, ರಂಗಣ್ಣ, ಮಧುಸೂದನ್, ಆಶಾ, ಭರತ್ ಕುಮಾರ್, ಅನಿತಾ ಪ್ರತಿ ಗ್ರಾಮದ ಮನೆಮನೆಗೂ ಪೌತಿ ಖಾತೆ ಆಂದೋಲನದಲ್ಲಿ ಮನೆ ಮನೆ ಭೇಟಿ ನೀಡಿ ಅರ್ಜಿ ಸ್ವೀಕರಿಸುತ್ತಿದ್ದಾರೆ.

ರೂಡಿ ಬೀಟ್ ರೋಟ್ ತಳಿಯ
ಕ್ಷೇತ್ರೋತ್ಸವ ಕಾರ್ಯಕ್ರಮ

ಮಾಲೂರು:– ಸಿಂಜೆಂಟಾ ಕಂಪನಿ ವತಿಯಿಂದ ರೂಡಿ ಬೀಟ್ ರೋಟ್ ತಳಿಯ ಕ್ಷೇತ್ರೋತ್ಸವ ಕಾರ್ಯಕ್ರಮ ನಡೆಯಿತು. ಮಾಲೂರು ತಾಲ್ಲೂಕಿನ ತೊರ್ನಹಳ್ಳಿ ಗ್ರಾಮ ಪಂಚಾಯಿತಿಯ ಬೆಳ್ಳಾವಿ ಗ್ರಾಮದಲ್ಲಿ ರೂಡಿ ಬೀಟ್

ರೋಟ್ ತಳಿಯ ಕ್ಷೇತ್ರೋತ್ಸವ ಕಾರ್ಯಕ್ರಮ ನಡೆಯಿತು. ಈ ಕಾರ್ಯಕ್ರಮದಲ್ಲಿ ಸಿಂಜೆಂಟಾ ಕಂಪನಿಯ ಟೆರಿಟ್ರಿ

ಮ್ಯಾನೇಜರ್ ರವರಾದ ಬಿ.ವಿ. ರಾಕೇಶ್ ರವರು ಬೀಟ್ ರೋಟ್ ತಳಿಯ ಬಗ್ಗೆ ಮಾಹಿತಿ ನೀಡಿದರು. ಸಿಂಜೆಂಟಾ ಕಂಪನಿಯ ಮಾಲೂರಿನ ಎಂ ಡಿ ಓ ಗಳಾದ ಸಧಾನಂದ ಹಾಗೂ ಅಶೋಕ್ ರವರ ಸಹಯೋಗದಲ್ಲಿ ಹಮ್ಮಿಕೊಂಡಿದ್ದ ಈ ಕ್ಷೇತ್ರೋತ್ಸವದಲ್ಲಿ ಮಡಿವಾಳ ಹಾಗೂ ಸುತ್ತಮುತ್ತಲಿನ ರೈತರು ಭಾಗವಹಿಸಿದ್ದು, ಎಲ್ಲ ರೈತರೂ ಈ ರೂಡಿ ಬೀಟ್ ರೂಟ್ ತಳಿಯನ್ನು ನೋಡಿ ತುಂಬಾ ಚೆನ್ನಾಗಿದೆ ಎಂದು ಸಂತೋಷ ವ್ಯಕ್ತ ಪಡಿಸಿದರು. ಈ ಒಂದು ಬೀಟ್

ರೂಟ್ ಬೆಳೆಯನ್ನು ಬೆಳೆದ ರೈತರಾದ ರುದ್ರೇಶ್ ಸಹೋದರರಾದ ಶಿವಪ್ರಸಾದ್ ಮತ್ತು ಲೋಕೇಶ್ ರವರನ್ನು ಸನ್ಮಾನಿಸಿ ಗೌರವಿಸಲಾಯಿತು. ಈ ರೂಡಿ ತಳಿಯನ್ನು ಕಳೆದ ವರ್ಷ ಬೆಳೆದಿದ್ದು, ಈ ಸಾರಿಯೂ ಇದೆ ರೂಡಿ

ಬಿತ್ತನೆ ಬೀಜವನ್ನು ಆಯ್ಕೆ ಮಾಡಿಕೊಂಡಿದ್ದಾರೆ. ಇವರು 200 ಗ್ರಾಂ ನ 16 ಪಾಕೆಟ್ ಗಳನ್ನು ಬಿತ್ತನೆ ಮಾಡಲಾಗಿತ್ತು. ಸುಮಾರು 18 ರಿಂದ 20 ಟನ್ ನಷ್ಟು ಇಳುವರಿಯ ನಿರೀಕ್ಷೆ ಇದ್ದು, ಈ ತಳಿಯ ಗುಣಮಟ್ಟ, ಬಣ್ಣವನ್ನೂ ನೋಡಿ ವ್ಯಾಪಾರಸ್ಥರು ಬೇರೆ ತಳಿಗಳಿಗಿಂತಲು ಹೆಚ್ಚಿನ ಬೆಲೆಗೆ ಕೊಳ್ಳಲು ಕೇಳುತ್ತಿದ್ದಾರೆ ಎಂದು ಶಿವಪ್ರಸಾದ್ ರವರು ಸಂತಸವನ್ನು ವ್ಯಕ್ತ ಪಡಿಸಿದರು.

ವರದಿ: ಗೋಪಾಲಕೃಷ್ಣ,
ಕೋಲಾರ(ಮಾಲೂರು)
ಮಿನಿ ಒಲಂಪಿಕ್ ಕಬ್ಬಡಿ
ಪಂದ್ಯಕ್ಕೆ 7ನೇ ತರಗತಿಯ
ಕೀರ್ತಿ ಮತ್ತು ಸಮರ್ಥ ಆಯ್ಕೆ

ಕೊರಟಗೆರೆ :– ಪಟ್ಟಣದ ಚಾಣಕ್ಯ ಪಬ್ಲಿಕ್ ಶಾಲೆಯ 7ನೇ ತರಗತಿಯ ವಿದ್ಯಾರ್ಥಿಗಳು ಬೆಂಗಳೂರಿನ ಕಂಠೀರವ ಕ್ರೀಡಾಂಗಣದಲ್ಲಿ ಆ.24 ರಿಂದ ಆ.30 ವರೆಗೆ ನಡೆಯುವ 3ನೇ ಮಿನಿ ಒಲಂಪಿಕ್ ಕಬ್ಬಡಿ ಪಂದ್ಯಗಳಿಗೆ ಬಾಲಕೀಯರ ವಿಭಾಗದಿಂದ ಹೆಚ್.ಕೀರ್ತಿ, ಬಾಲಕರ ವಿಭಾಗದಿಂದ ಎಂ.ಸಮರ್ಥ ಆಯ್ಕೆಯಾಗಿದ್ದಾರೆ. ಬೆಂಗಳೂರಿನ ಕಂಠೀರವ ಕ್ರೀಡಾಂಗಣದಲ್ಲಿ ಆಗಸ್ಟ್ 24 ರಿಂದ 30 ವರೆಗೆ ನಡೆಯುವ ಕರ್ನಾಟಕ ರಾಜ್ಯ

ಬಾಲಕ ಮತ್ತು ಬಾಲಕೀಯರ 3ನೇ ಮಿನಿ ಒಲಂಪಿಕ್ ಕಬ್ಬಡಿ ತಂಡಕ್ಕೆ ಕೊರಟಗೆರೆ ಪಟ್ಟಣದ ಚಾಣಕ್ಯ ಪಬ್ಲಿಕ್ ಶಾಲೆಯ 7ನೇ ತರಗತಿಯಲ್ಲಿ ವಿದ್ಯಾಭ್ಯಾಸ ಮಾಡುತ್ತಿರುವ ಬಾಲಕೀಯರ ವಿಭಾಗದಲ್ಲಿ ಹೆಚ್.ಕೀರ್ತಿ ಮತ್ತು ಬಾಲಕ ವಿಭಾಗದ ಕಬ್ಬಡಿ ಪಂದ್ಯಕ್ಕೆ ಎಂ.ಸಮರ್ಥ ಆಯ್ಕೆಯಾಗಿದ್ದಾರೆಂದು ಚಾಣಕ್ಯ ಶಾಲೆಯ ದೈಹಿಕ ಶಿಕ್ಷಣ ಶಿಕ್ಷಕ ಎಸ್.ಆರ್.ಪ್ರದೀಪ್ ತಿಳಿಸಿದ್ದಾರೆ, 3ನೇ ಮಿನಿ ಒಲಂಪಿಕ್‌ನಲ್ಲಿ ನಡೆಯುವ ಕಬ್ಬಡಿ ಪಂದ್ಯಕ್ಕೆ ಆಯ್ಕೆಯಾಗುವಂತೆ ಮಕ್ಕಳಿಗೆ ಪ್ರೋತ್ಸಾಹ

in English Medium

ನೀಡಿ ತರಬೇತಿ ನೀಡಿದ ದೈಹಿಕ ಶಿಕ್ಷಣ ಶಿಕ್ಷಕ ಎಸ್.ಆರ್.ಪ್ರದೀಪ್ ರವರನ್ನು ಕಬ್ಬಡಿ ಪಂದ್ಯಕ್ಕೆ ಆಯ್ಕೆಯಾದ ವಿದ್ಯಾರ್ಥಿಗಳನ್ನು ಶಾಲೆಯ ಆಡಳಿತ ಮಂಡಲಿ ಮತ್ತು ಶಾಲಾ ಶಿಕ್ಷಕ ವೃಂದ ಅಭಿನಂದಿಸಿದ್ದಾರೆ.
